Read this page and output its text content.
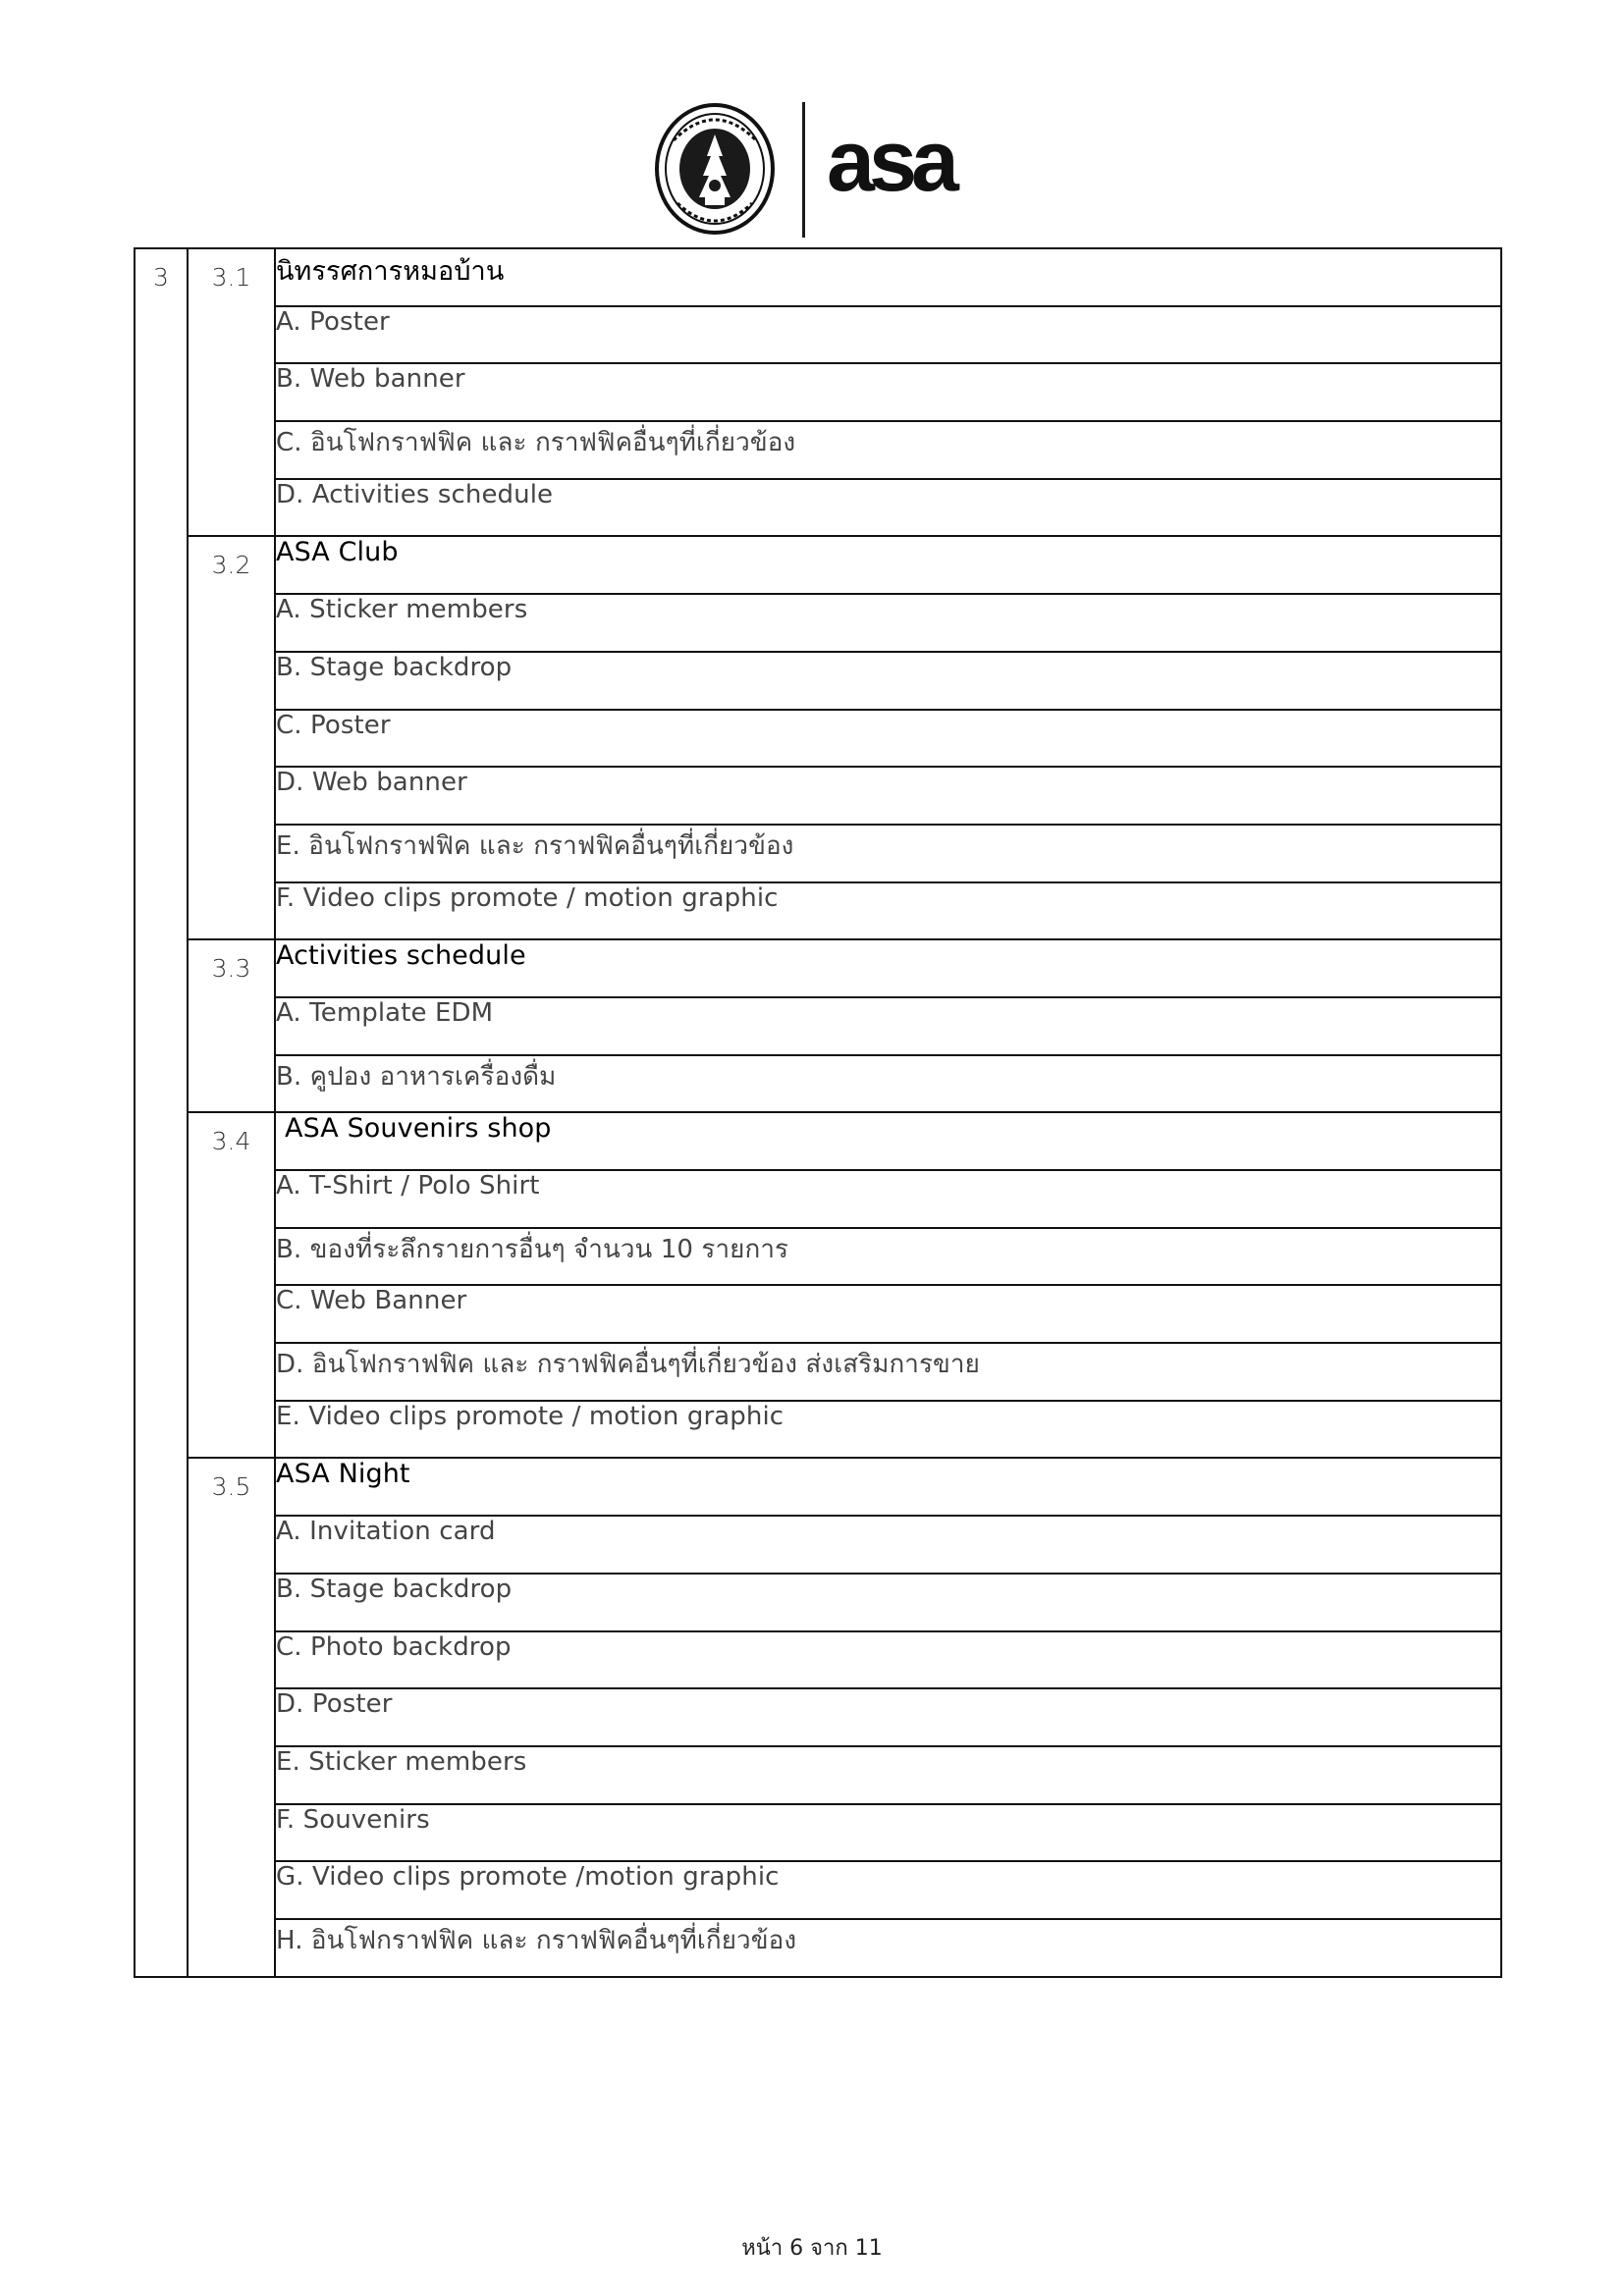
asa
3	3.1	นิทรรศการหมอบ้าน
		A. Poster
		B. Web banner
		C. อินโฟกราฟฟิค และ กราฟฟิคอื่นๆที่เกี่ยวข้อง
		D. Activities schedule

	3.2	ASA Club
		A. Sticker members
		B. Stage backdrop
		C. Poster
		D. Web banner
		E. อินโฟกราฟฟิค และ กราฟฟิคอื่นๆที่เกี่ยวข้อง
		F. Video clips promote / motion graphic

	3.3	Activities schedule
		A. Template EDM
		B. คูปอง อาหารเครื่องดื่ม

	3.4	ASA Souvenirs shop
		A. T-Shirt / Polo Shirt
		B. ของที่ระลึกรายการอื่นๆ จำนวน 10 รายการ
		C. Web Banner
		D. อินโฟกราฟฟิค และ กราฟฟิคอื่นๆที่เกี่ยวข้อง ส่งเสริมการขาย
		E. Video clips promote / motion graphic

	3.5	ASA Night
		A. Invitation card
		B. Stage backdrop
		C. Photo backdrop
		D. Poster
		E. Sticker members
		F. Souvenirs
		G. Video clips promote /motion graphic
		H. อินโฟกราฟฟิค และ กราฟฟิคอื่นๆที่เกี่ยวข้อง
หน้า 6 จาก 11
